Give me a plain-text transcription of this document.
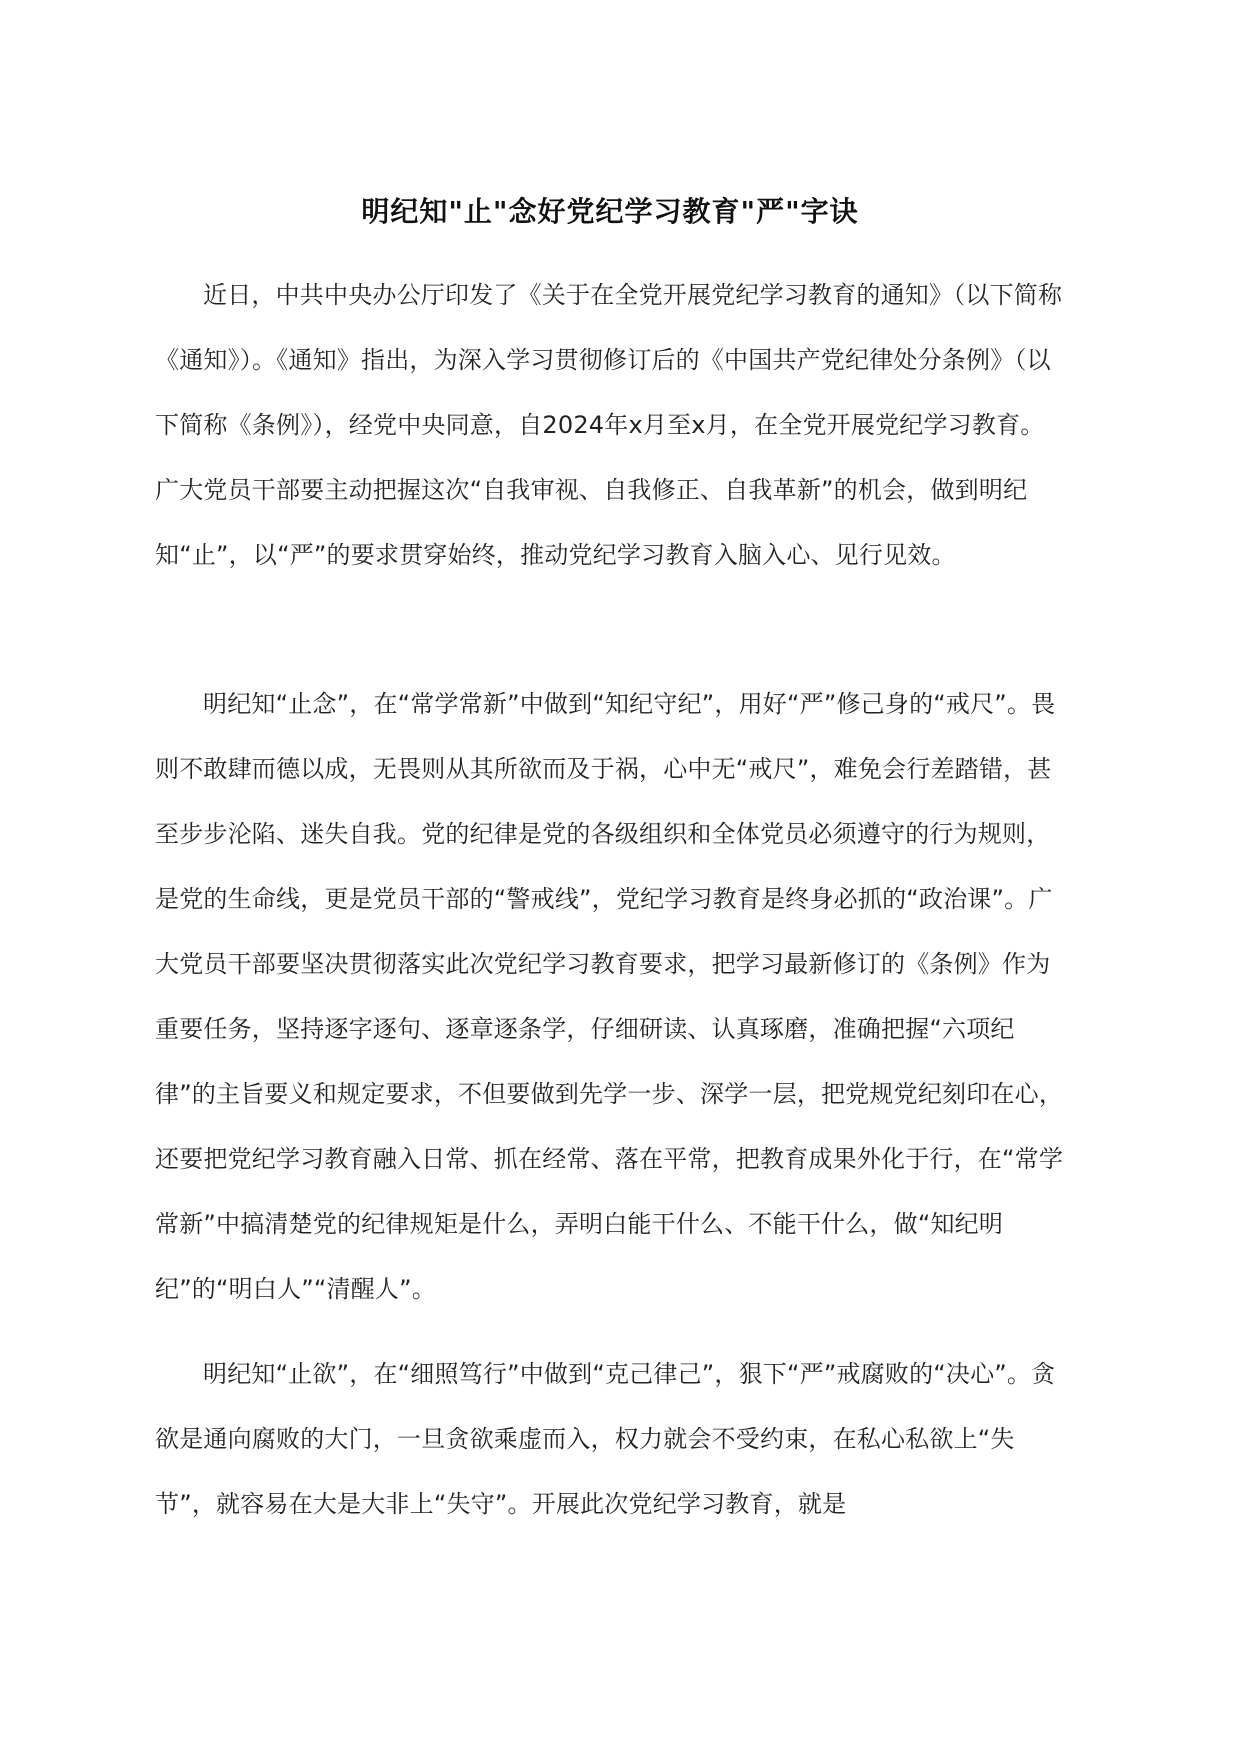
明纪知"止"念好党纪学习教育"严"字诀

近日，中共中央办公厅印发了《关于在全党开展党纪学习教育的通知》（以下简称《通知》）。《通知》指出，为深入学习贯彻修订后的《中国共产党纪律处分条例》（以下简称《条例》），经党中央同意，自2024年x月至x月，在全党开展党纪学习教育。广大党员干部要主动把握这次“自我审视、自我修正、自我革新”的机会，做到明纪知“止”，以“严”的要求贯穿始终，推动党纪学习教育入脑入心、见行见效。

明纪知“止念”，在“常学常新”中做到“知纪守纪”，用好“严”修己身的“戒尺”。畏则不敢肆而德以成，无畏则从其所欲而及于祸，心中无“戒尺”，难免会行差踏错，甚至步步沦陷、迷失自我。党的纪律是党的各级组织和全体党员必须遵守的行为规则，是党的生命线，更是党员干部的“警戒线”，党纪学习教育是终身必抓的“政治课”。广大党员干部要坚决贯彻落实此次党纪学习教育要求，把学习最新修订的《条例》作为重要任务，坚持逐字逐句、逐章逐条学，仔细研读、认真琢磨，准确把握“六项纪律”的主旨要义和规定要求，不但要做到先学一步、深学一层，把党规党纪刻印在心，还要把党纪学习教育融入日常、抓在经常、落在平常，把教育成果外化于行，在“常学常新”中搞清楚党的纪律规矩是什么，弄明白能干什么、不能干什么，做“知纪明纪”的“明白人”“清醒人”。

明纪知“止欲”，在“细照笃行”中做到“克己律己”，狠下“严”戒腐败的“决心”。贪欲是通向腐败的大门，一旦贪欲乘虚而入，权力就会不受约束，在私心私欲上“失节”，就容易在大是大非上“失守”。开展此次党纪学习教育，就是
